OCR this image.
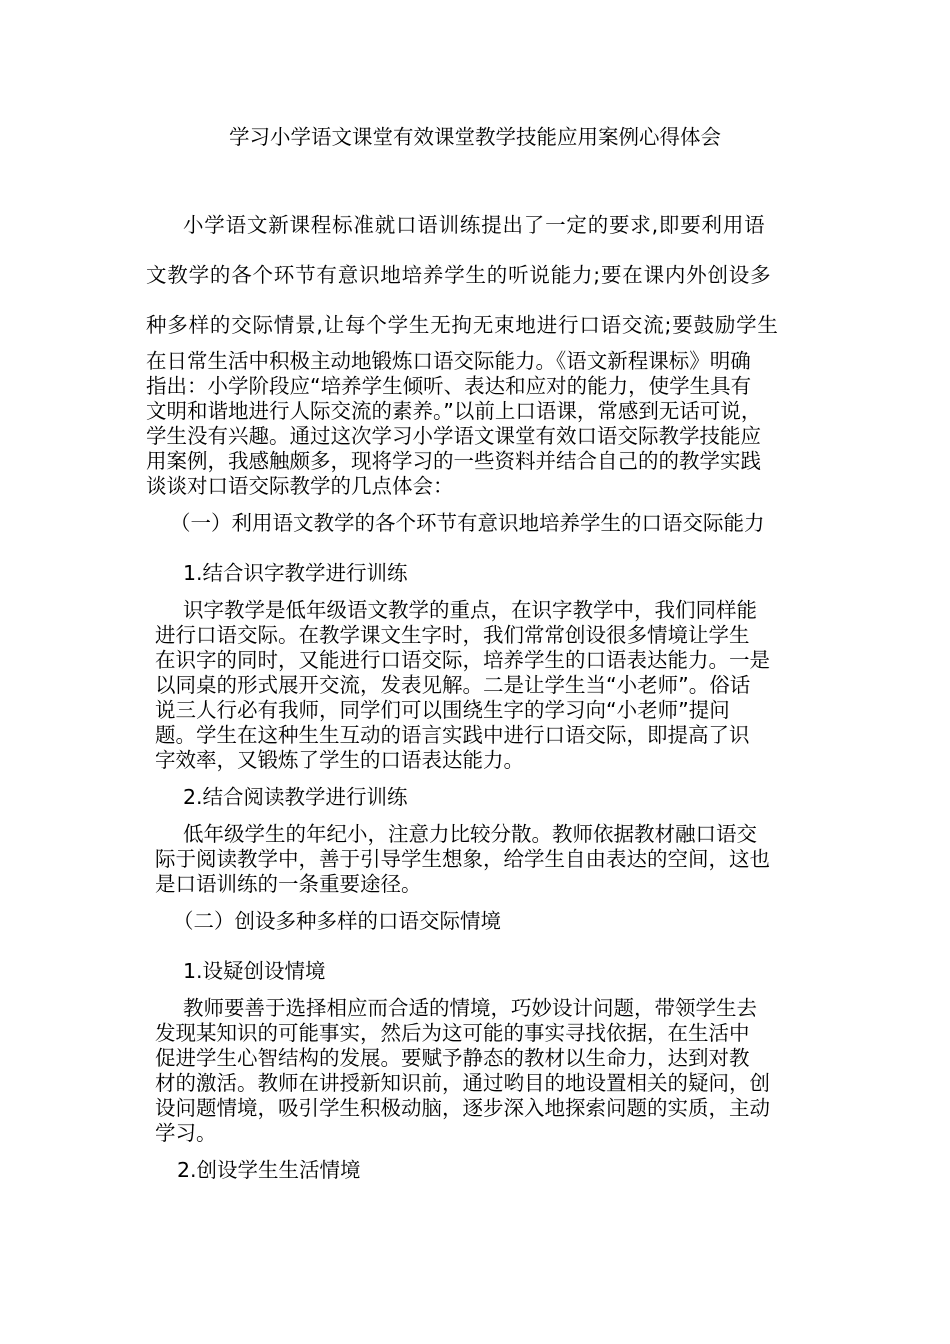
学习小学语文课堂有效课堂教学技能应用案例心得体会
小学语文新课程标准就口语训练提出了一定的要求,即要利用语
文教学的各个环节有意识地培养学生的听说能力;要在课内外创设多
种多样的交际情景,让每个学生无拘无束地进行口语交流;要鼓励学生
在日常生活中积极主动地锻炼口语交际能力。《语文新程课标》明确
指出：小学阶段应“培养学生倾听、表达和应对的能力，使学生具有
文明和谐地进行人际交流的素养。”以前上口语课，常感到无话可说，
学生没有兴趣。通过这次学习小学语文课堂有效口语交际教学技能应
用案例，我感触颇多，现将学习的一些资料并结合自己的的教学实践
谈谈对口语交际教学的几点体会：
（一）利用语文教学的各个环节有意识地培养学生的口语交际能力
1.结合识字教学进行训练
识字教学是低年级语文教学的重点，在识字教学中，我们同样能
进行口语交际。在教学课文生字时，我们常常创设很多情境让学生
在识字的同时，又能进行口语交际，培养学生的口语表达能力。一是
以同桌的形式展开交流，发表见解。二是让学生当“小老师”。俗话
说三人行必有我师，同学们可以围绕生字的学习向“小老师”提问
题。学生在这种生生互动的语言实践中进行口语交际，即提高了识
字效率，又锻炼了学生的口语表达能力。
2.结合阅读教学进行训练
低年级学生的年纪小，注意力比较分散。教师依据教材融口语交
际于阅读教学中，善于引导学生想象，给学生自由表达的空间，这也
是口语训练的一条重要途径。
（二）创设多种多样的口语交际情境
1.设疑创设情境
教师要善于选择相应而合适的情境，巧妙设计问题，带领学生去
发现某知识的可能事实，然后为这可能的事实寻找依据，在生活中
促进学生心智结构的发展。要赋予静态的教材以生命力，达到对教
材的激活。教师在讲授新知识前，通过哟目的地设置相关的疑问，创
设问题情境，吸引学生积极动脑，逐步深入地探索问题的实质，主动
学习。
2.创设学生生活情境
